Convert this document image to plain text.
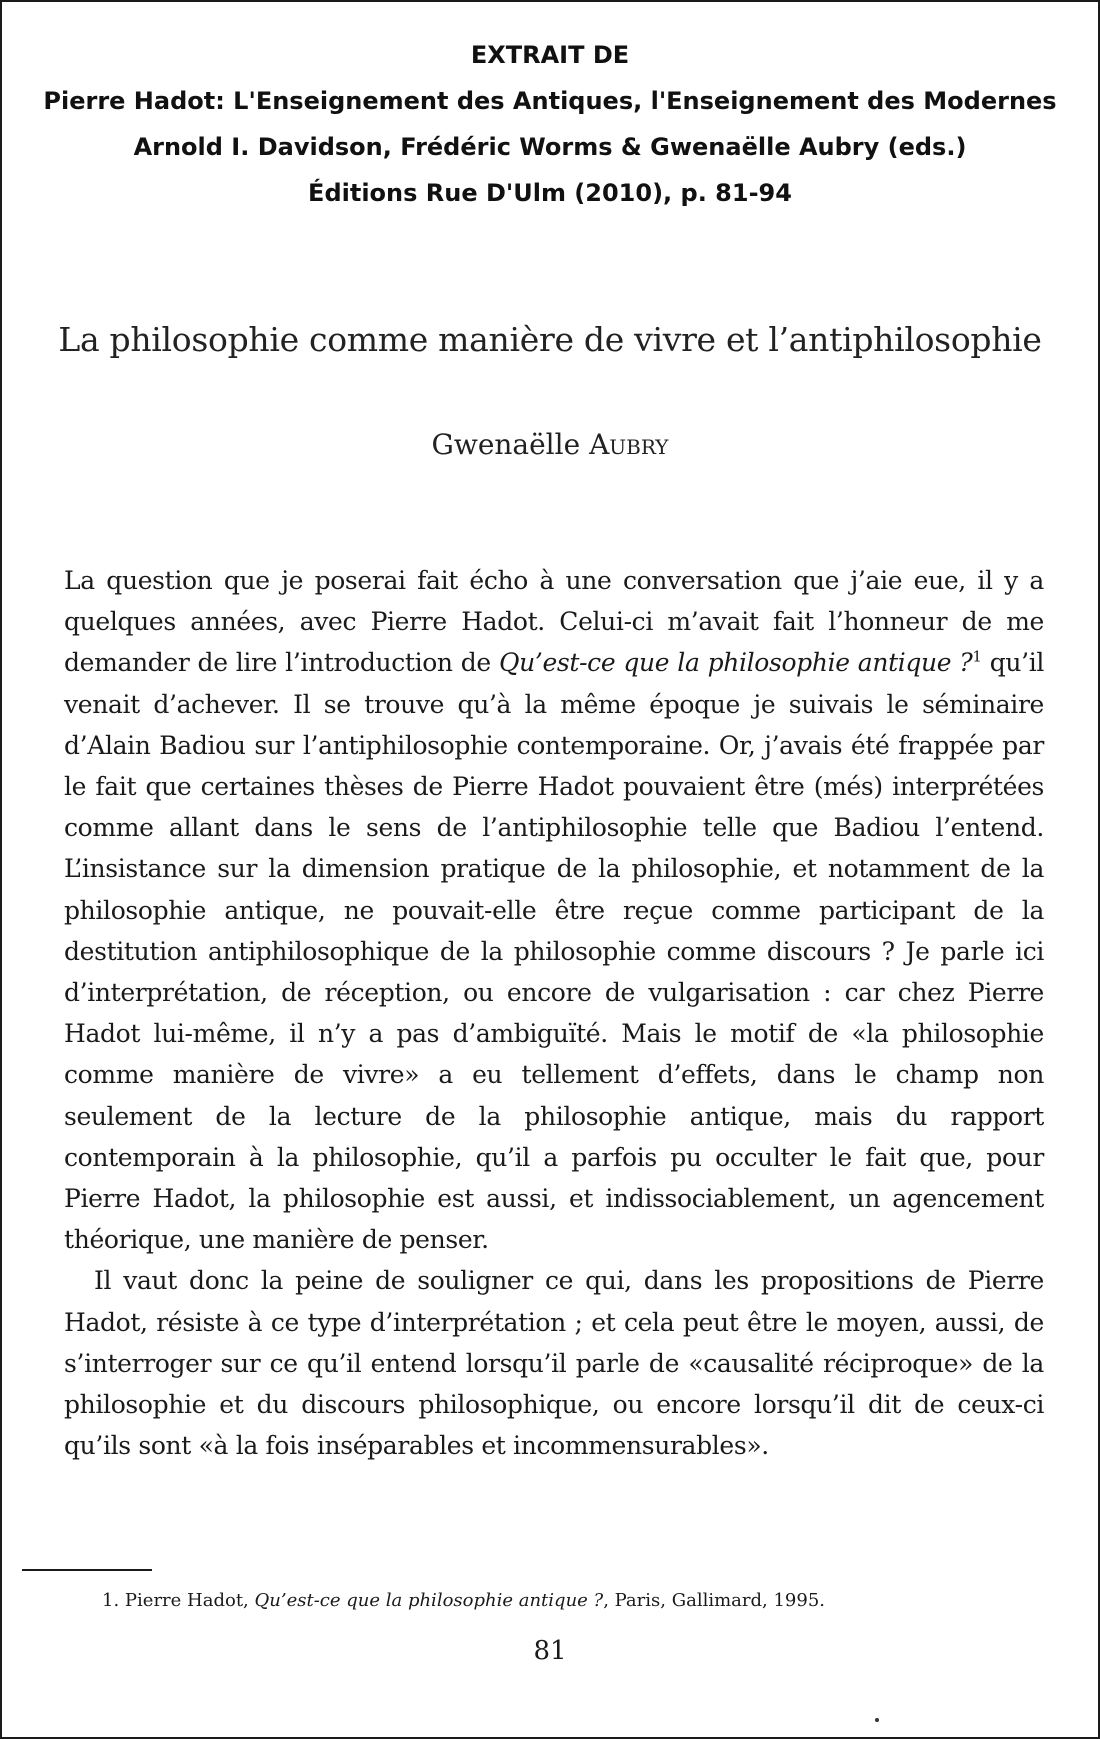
EXTRAIT DE
Pierre Hadot: L'Enseignement des Antiques, l'Enseignement des Modernes
Arnold I. Davidson, Frédéric Worms & Gwenaëlle Aubry (eds.)
Éditions Rue D'Ulm (2010), p. 81-94
La philosophie comme manière de vivre et l’antiphilosophie
Gwenaëlle Aubry

La question que je poserai fait écho à une conversation que j’aie eue, il y a quelques années, avec Pierre Hadot. Celui-ci m’avait fait l’honneur de me demander de lire l’introduction de Qu’est-ce que la philosophie antique ?$^1$ qu’il venait d’achever. Il se trouve qu’à la même époque je suivais le séminaire d’Alain Badiou sur l’antiphilosophie contemporaine. Or, j’avais été frappée par le fait que certaines thèses de Pierre Hadot pouvaient être (més) interprétées comme allant dans le sens de l’antiphilosophie telle que Badiou l’entend. L’insistance sur la dimension pratique de la philosophie, et notamment de la philosophie antique, ne pouvait-elle être reçue comme participant de la destitution antiphilosophique de la philosophie comme discours ? Je parle ici d’interprétation, de réception, ou encore de vulgarisation : car chez Pierre Hadot lui-même, il n’y a pas d’ambiguïté. Mais le motif de «la philosophie comme manière de vivre» a eu tellement d’effets, dans le champ non seulement de la lecture de la philosophie antique, mais du rapport contemporain à la philosophie, qu’il a parfois pu occulter le fait que, pour Pierre Hadot, la philosophie est aussi, et indissociablement, un agencement théorique, une manière de penser.

Il vaut donc la peine de souligner ce qui, dans les propositions de Pierre Hadot, résiste à ce type d’interprétation ; et cela peut être le moyen, aussi, de s’interroger sur ce qu’il entend lorsqu’il parle de «causalité réciproque» de la philosophie et du discours philosophique, ou encore lorsqu’il dit de ceux-ci qu’ils sont «à la fois inséparables et incommensurables».

1. Pierre Hadot, Qu’est-ce que la philosophie antique ?, Paris, Gallimard, 1995.
81
